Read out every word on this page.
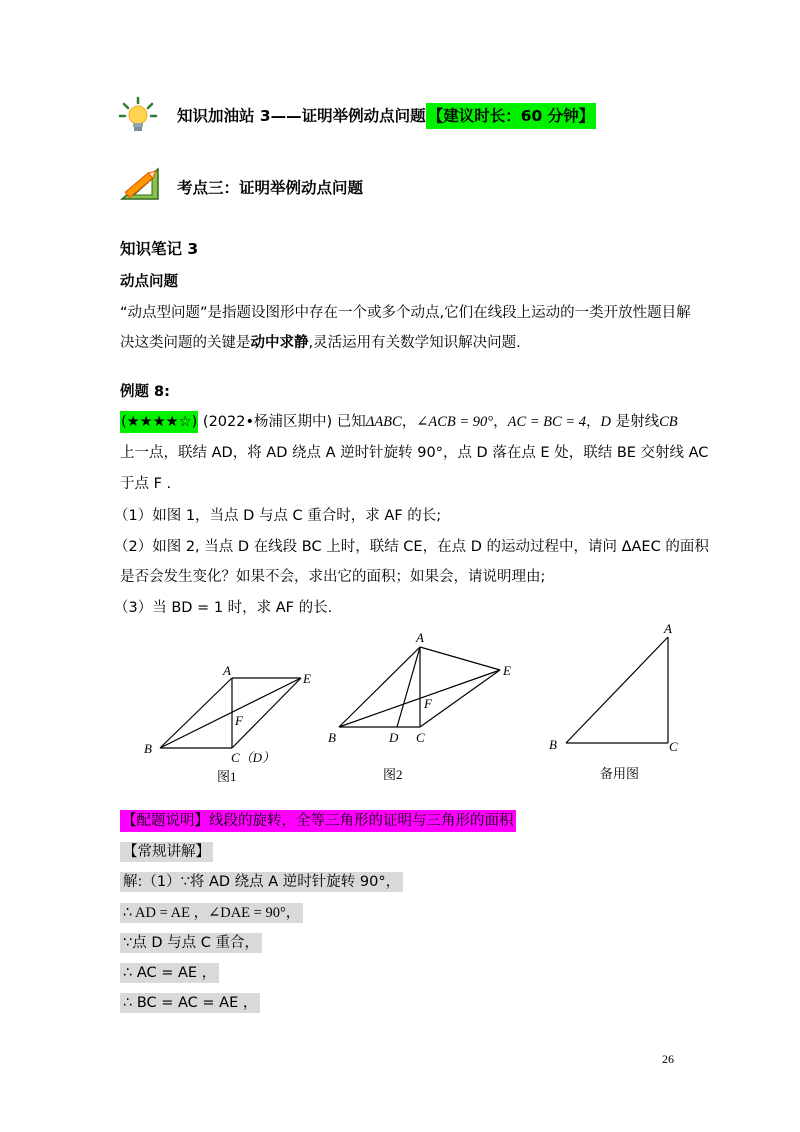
知识加油站 3——证明举例动点问题 【建议时长：60 分钟】
考点三：证明举例动点问题
知识笔记 3
动点问题
“动点型问题”是指题设图形中存在一个或多个动点,它们在线段上运动的一类开放性题目解
决这类问题的关键是动中求静,灵活运用有关数学知识解决问题.
例题 8:
(★★★★☆) (2022•杨浦区期中) 已知ΔABC，∠ACB = 90°，AC = BC = 4，D 是射线CB
上一点，联结 AD，将 AD 绕点 A 逆时针旋转 90°，点 D 落在点 E 处，联结 BE 交射线 AC
于点 F .
（1）如图 1，当点 D 与点 C 重合时，求 AF 的长;
（2）如图 2, 当点 D 在线段 BC 上时，联结 CE，在点 D 的运动过程中，请问 ΔAEC 的面积
是否会发生变化？如果不会，求出它的面积；如果会，请说明理由;
（3）当 BD = 1 时，求 AF 的长.
A
E
F
B
C（D）
图1
A
E
F
B	D C
图2
A
B	C
备用图
【配题说明】线段的旋转，全等三角形的证明与三角形的面积
【常规讲解】
解:（1）∵将 AD 绕点 A 逆时针旋转 90°，
∴ AD = AE ，∠DAE = 90°，
∵点 D 与点 C 重合，
∴ AC = AE ，
∴ BC = AC = AE ，
26
